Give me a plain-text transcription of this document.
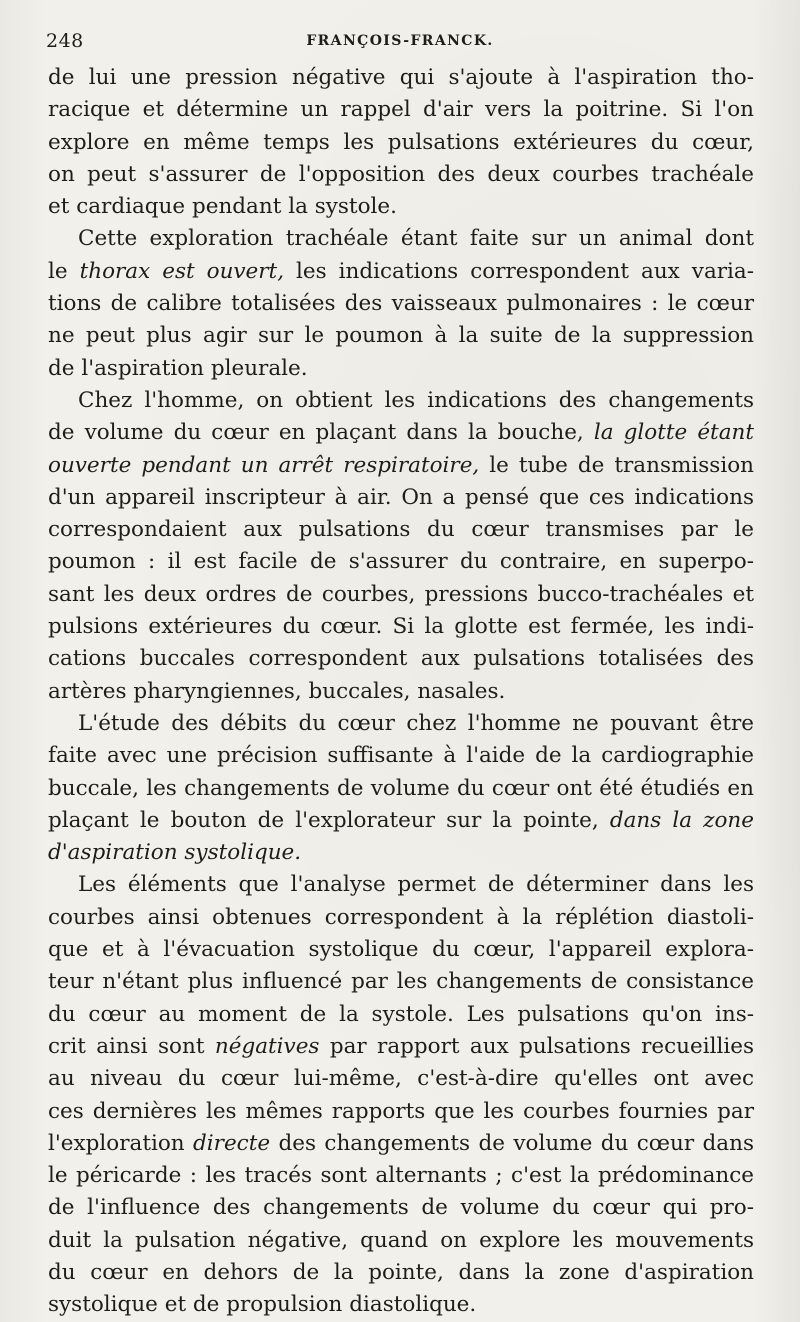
248	FRANÇOIS-FRANCK.
de lui une pression négative qui s'ajoute à l'aspiration tho-
racique et détermine un rappel d'air vers la poitrine. Si l'on
explore en même temps les pulsations extérieures du cœur,
on peut s'assurer de l'opposition des deux courbes trachéale
et cardiaque pendant la systole.
Cette exploration trachéale étant faite sur un animal dont
le thorax est ouvert, les indications correspondent aux varia-
tions de calibre totalisées des vaisseaux pulmonaires : le cœur
ne peut plus agir sur le poumon à la suite de la suppression
de l'aspiration pleurale.
Chez l'homme, on obtient les indications des changements
de volume du cœur en plaçant dans la bouche, la glotte étant
ouverte pendant un arrêt respiratoire, le tube de transmission
d'un appareil inscripteur à air. On a pensé que ces indications
correspondaient aux pulsations du cœur transmises par le
poumon : il est facile de s'assurer du contraire, en superpo-
sant les deux ordres de courbes, pressions bucco-trachéales et
pulsions extérieures du cœur. Si la glotte est fermée, les indi-
cations buccales correspondent aux pulsations totalisées des
artères pharyngiennes, buccales, nasales.
L'étude des débits du cœur chez l'homme ne pouvant être
faite avec une précision suffisante à l'aide de la cardiographie
buccale, les changements de volume du cœur ont été étudiés en
plaçant le bouton de l'explorateur sur la pointe, dans la zone
d'aspiration systolique.
Les éléments que l'analyse permet de déterminer dans les
courbes ainsi obtenues correspondent à la réplétion diastoli-
que et à l'évacuation systolique du cœur, l'appareil explora-
teur n'étant plus influencé par les changements de consistance
du cœur au moment de la systole. Les pulsations qu'on ins-
crit ainsi sont négatives par rapport aux pulsations recueillies
au niveau du cœur lui-même, c'est-à-dire qu'elles ont avec
ces dernières les mêmes rapports que les courbes fournies par
l'exploration directe des changements de volume du cœur dans
le péricarde : les tracés sont alternants ; c'est la prédominance
de l'influence des changements de volume du cœur qui pro-
duit la pulsation négative, quand on explore les mouvements
du cœur en dehors de la pointe, dans la zone d'aspiration
systolique et de propulsion diastolique.
